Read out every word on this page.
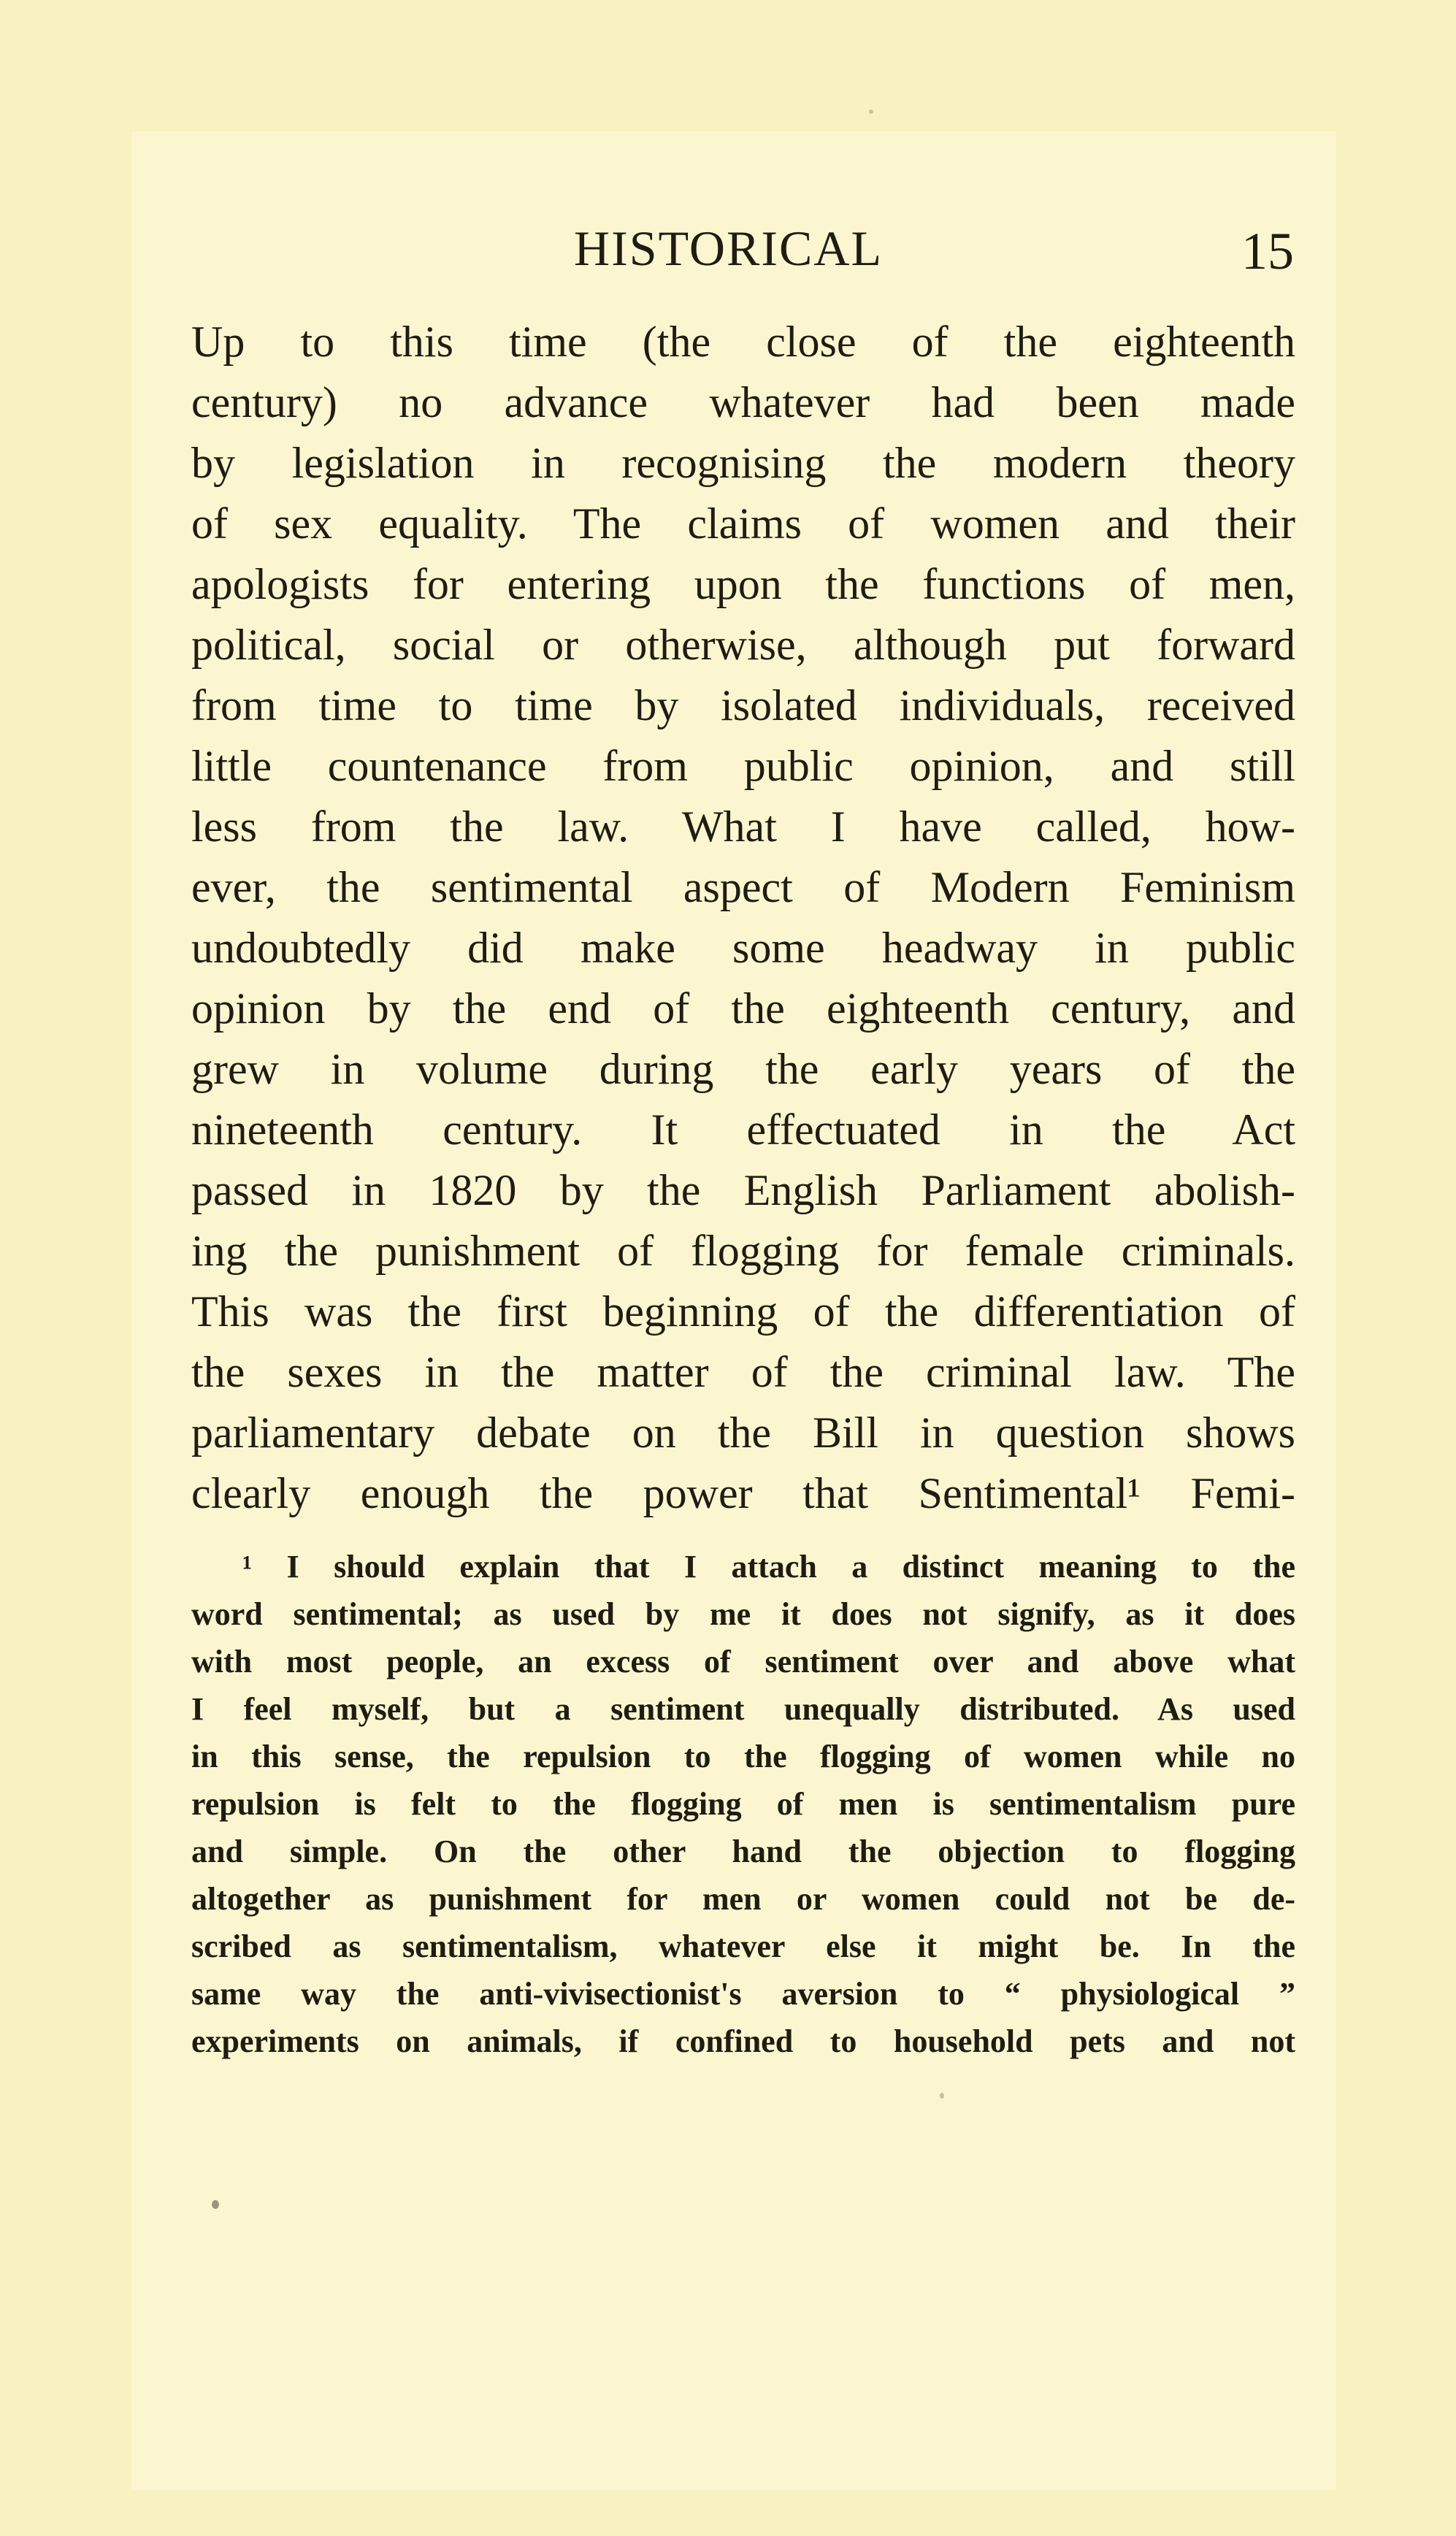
HISTORICAL	15
Up to this time (the close of the eighteenth
century) no advance whatever had been made
by legislation in recognising the modern theory
of sex equality. The claims of women and their
apologists for entering upon the functions of men,
political, social or otherwise, although put forward
from time to time by isolated individuals, received
little countenance from public opinion, and still
less from the law. What I have called, how-
ever, the sentimental aspect of Modern Feminism
undoubtedly did make some headway in public
opinion by the end of the eighteenth century, and
grew in volume during the early years of the
nineteenth century. It effectuated in the Act
passed in 1820 by the English Parliament abolish-
ing the punishment of flogging for female criminals.
This was the first beginning of the differentiation of
the sexes in the matter of the criminal law. The
parliamentary debate on the Bill in question shows
clearly enough the power that Sentimental¹ Femi-
¹ I should explain that I attach a distinct meaning to the
word sentimental; as used by me it does not signify, as it does
with most people, an excess of sentiment over and above what
I feel myself, but a sentiment unequally distributed. As used
in this sense, the repulsion to the flogging of women while no
repulsion is felt to the flogging of men is sentimentalism pure
and simple. On the other hand the objection to flogging
altogether as punishment for men or women could not be de-
scribed as sentimentalism, whatever else it might be. In the
same way the anti-vivisectionist's aversion to “ physiological ”
experiments on animals, if confined to household pets and not
